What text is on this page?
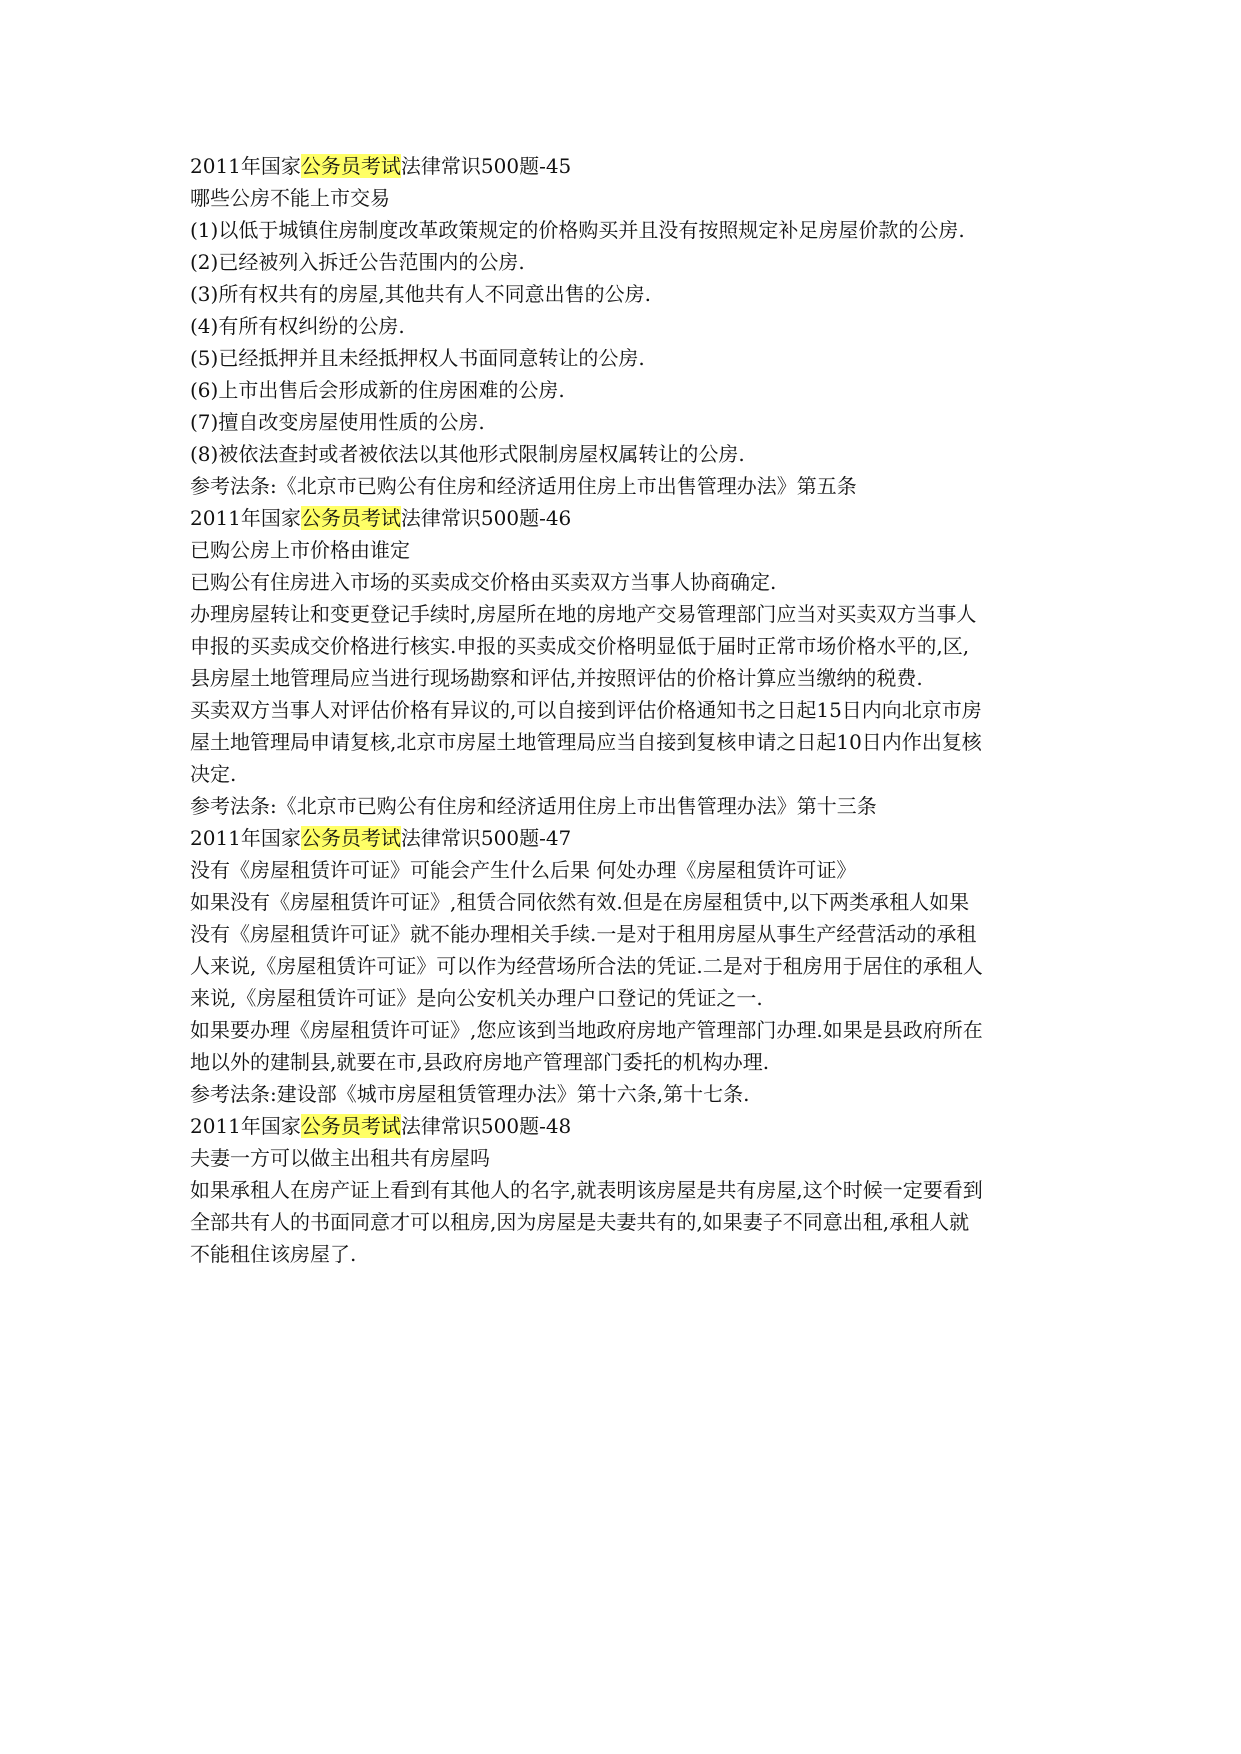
2011年国家公务员考试法律常识500题-45
哪些公房不能上市交易
(1)以低于城镇住房制度改革政策规定的价格购买并且没有按照规定补足房屋价款的公房.
(2)已经被列入拆迁公告范围内的公房.
(3)所有权共有的房屋,其他共有人不同意出售的公房.
(4)有所有权纠纷的公房.
(5)已经抵押并且未经抵押权人书面同意转让的公房.
(6)上市出售后会形成新的住房困难的公房.
(7)擅自改变房屋使用性质的公房.
(8)被依法查封或者被依法以其他形式限制房屋权属转让的公房.
参考法条:《北京市已购公有住房和经济适用住房上市出售管理办法》第五条
2011年国家公务员考试法律常识500题-46
已购公房上市价格由谁定
已购公有住房进入市场的买卖成交价格由买卖双方当事人协商确定.
办理房屋转让和变更登记手续时,房屋所在地的房地产交易管理部门应当对买卖双方当事人
申报的买卖成交价格进行核实.申报的买卖成交价格明显低于届时正常市场价格水平的,区,
县房屋土地管理局应当进行现场勘察和评估,并按照评估的价格计算应当缴纳的税费.
买卖双方当事人对评估价格有异议的,可以自接到评估价格通知书之日起15日内向北京市房
屋土地管理局申请复核,北京市房屋土地管理局应当自接到复核申请之日起10日内作出复核
决定.
参考法条:《北京市已购公有住房和经济适用住房上市出售管理办法》第十三条
2011年国家公务员考试法律常识500题-47
没有《房屋租赁许可证》可能会产生什么后果 何处办理《房屋租赁许可证》
如果没有《房屋租赁许可证》,租赁合同依然有效.但是在房屋租赁中,以下两类承租人如果
没有《房屋租赁许可证》就不能办理相关手续.一是对于租用房屋从事生产经营活动的承租
人来说,《房屋租赁许可证》可以作为经营场所合法的凭证.二是对于租房用于居住的承租人
来说,《房屋租赁许可证》是向公安机关办理户口登记的凭证之一.
如果要办理《房屋租赁许可证》,您应该到当地政府房地产管理部门办理.如果是县政府所在
地以外的建制县,就要在市,县政府房地产管理部门委托的机构办理.
参考法条:建设部《城市房屋租赁管理办法》第十六条,第十七条.
2011年国家公务员考试法律常识500题-48
夫妻一方可以做主出租共有房屋吗
如果承租人在房产证上看到有其他人的名字,就表明该房屋是共有房屋,这个时候一定要看到
全部共有人的书面同意才可以租房,因为房屋是夫妻共有的,如果妻子不同意出租,承租人就
不能租住该房屋了.
